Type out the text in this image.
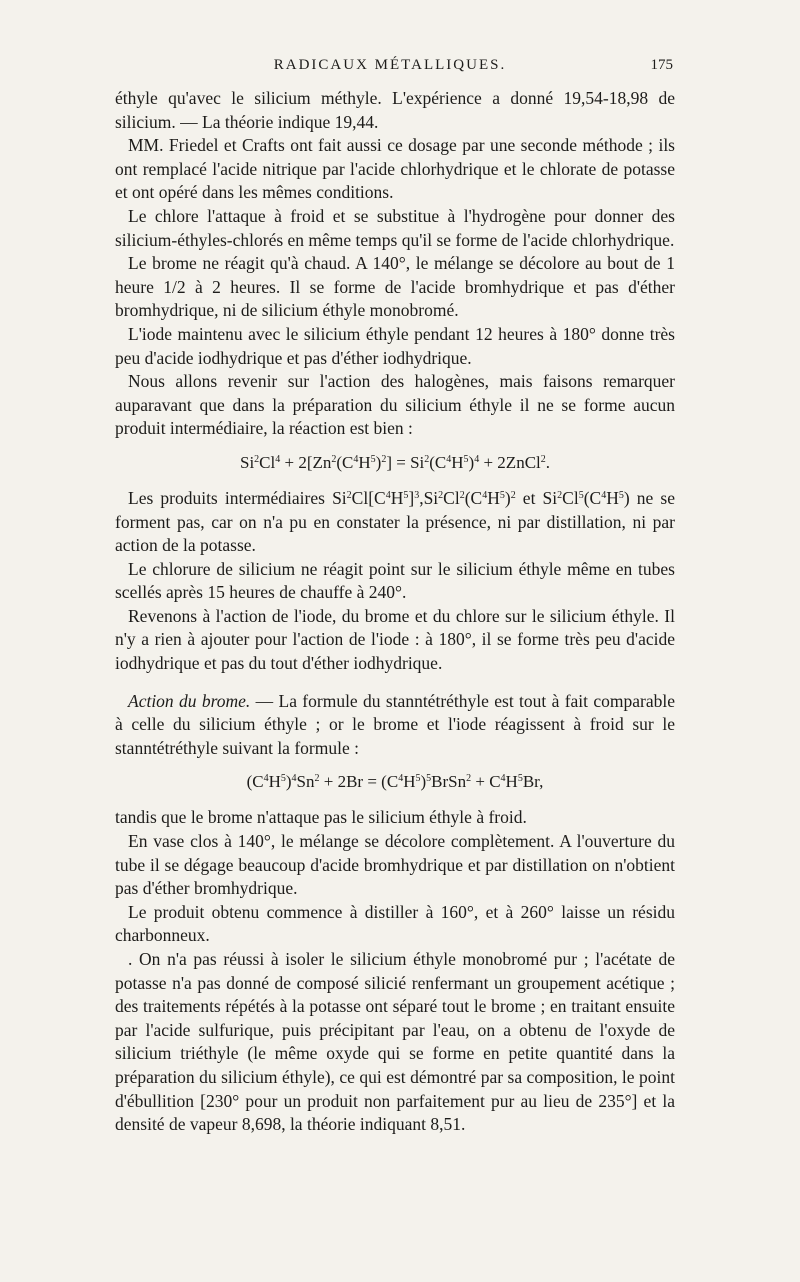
RADICAUX MÉTALLIQUES.	175

éthyle qu'avec le silicium méthyle. L'expérience a donné 19,54-18,98 de silicium. — La théorie indique 19,44.

MM. Friedel et Crafts ont fait aussi ce dosage par une seconde méthode ; ils ont remplacé l'acide nitrique par l'acide chlorhydrique et le chlorate de potasse et ont opéré dans les mêmes conditions.

Le chlore l'attaque à froid et se substitue à l'hydrogène pour donner des silicium-éthyles-chlorés en même temps qu'il se forme de l'acide chlorhydrique.

Le brome ne réagit qu'à chaud. A 140°, le mélange se décolore au bout de 1 heure 1/2 à 2 heures. Il se forme de l'acide bromhydrique et pas d'éther bromhydrique, ni de silicium éthyle monobromé.

L'iode maintenu avec le silicium éthyle pendant 12 heures à 180° donne très peu d'acide iodhydrique et pas d'éther iodhydrique.

Nous allons revenir sur l'action des halogènes, mais faisons remarquer auparavant que dans la préparation du silicium éthyle il ne se forme aucun produit intermédiaire, la réaction est bien :

$Si^2Cl^4 + 2[Zn^2(C^4H^5)^2] = Si^2(C^4H^5)^4$ + 2ZnCl$^2$.

Les produits intermédiaires $Si^2Cl[C^4H^5]^3,Si^2Cl^2(C^4H^5)^2$ et $Si^2Cl^5(C^4H^5)$ ne se forment pas, car on n'a pu en constater la présence, ni par distillation, ni par action de la potasse.

Le chlorure de silicium ne réagit point sur le silicium éthyle même en tubes scellés après 15 heures de chauffe à 240°.

Revenons à l'action de l'iode, du brome et du chlore sur le silicium éthyle. Il n'y a rien à ajouter pour l'action de l'iode : à 180°, il se forme très peu d'acide iodhydrique et pas du tout d'éther iodhydrique.

Action du brome. — La formule du stanntétréthyle est tout à fait comparable à celle du silicium éthyle ; or le brome et l'iode réagissent à froid sur le stanntétréthyle suivant la formule :

$(C^4H^5)^4Sn^2 + 2Br$ = $(C^4H^5)^5BrSn^2 + C^4H^5Br$,

tandis que le brome n'attaque pas le silicium éthyle à froid.

En vase clos à 140°, le mélange se décolore complètement. A l'ouverture du tube il se dégage beaucoup d'acide bromhydrique et par distillation on n'obtient pas d'éther bromhydrique.

Le produit obtenu commence à distiller à 160°, et à 260° laisse un résidu charbonneux.

. On n'a pas réussi à isoler le silicium éthyle monobromé pur ; l'acétate de potasse n'a pas donné de composé silicié renfermant un groupement acétique ; des traitements répétés à la potasse ont séparé tout le brome ; en traitant ensuite par l'acide sulfurique, puis précipitant par l'eau, on a obtenu de l'oxyde de silicium triéthyle (le même oxyde qui se forme en petite quantité dans la préparation du silicium éthyle), ce qui est démontré par sa composition, le point d'ébullition [230° pour un produit non parfaitement pur au lieu de 235°] et la densité de vapeur 8,698, la théorie indiquant 8,51.
